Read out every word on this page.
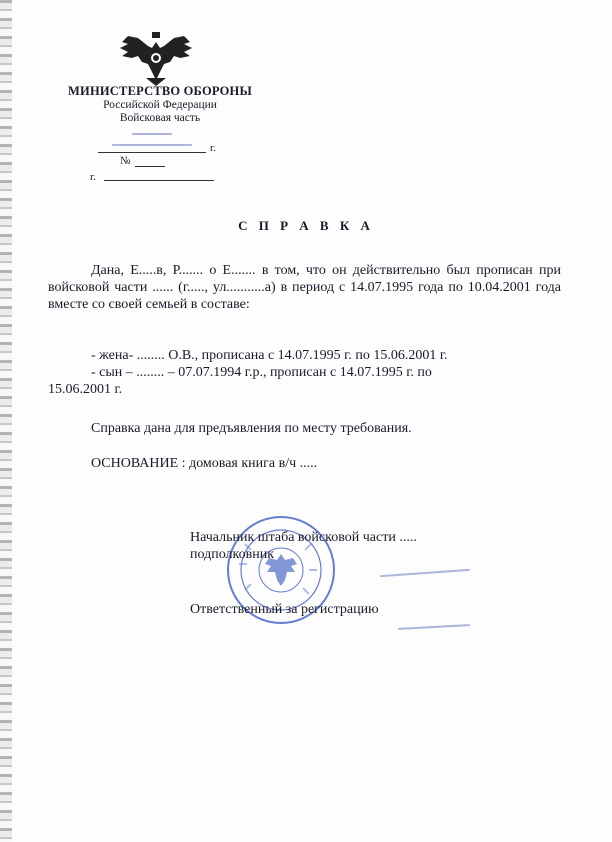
МИНИСТЕРСТВО ОБОРОНЫ
Российской Федерации
Войсковая часть
г.
№
г.
С П Р А В К А
Дана, Е.....в, Р....... о Е....... в том, что он действительно был прописан при войсковой части ...... (г....., ул...........а) в период с 14.07.1995 года по 10.04.2001 года вместе со своей семьей в составе:
- жена- ........ О.В., прописана с 14.07.1995 г. по 15.06.2001 г.
- сын – ........ – 07.07.1994 г.р., прописан с 14.07.1995 г. по
15.06.2001 г.
Справка дана для предъявления по месту требования.
ОСНОВАНИЕ : домовая книга в/ч .....
Начальник штаба войсковой части .....
подполковник
Ответственный за регистрацию
